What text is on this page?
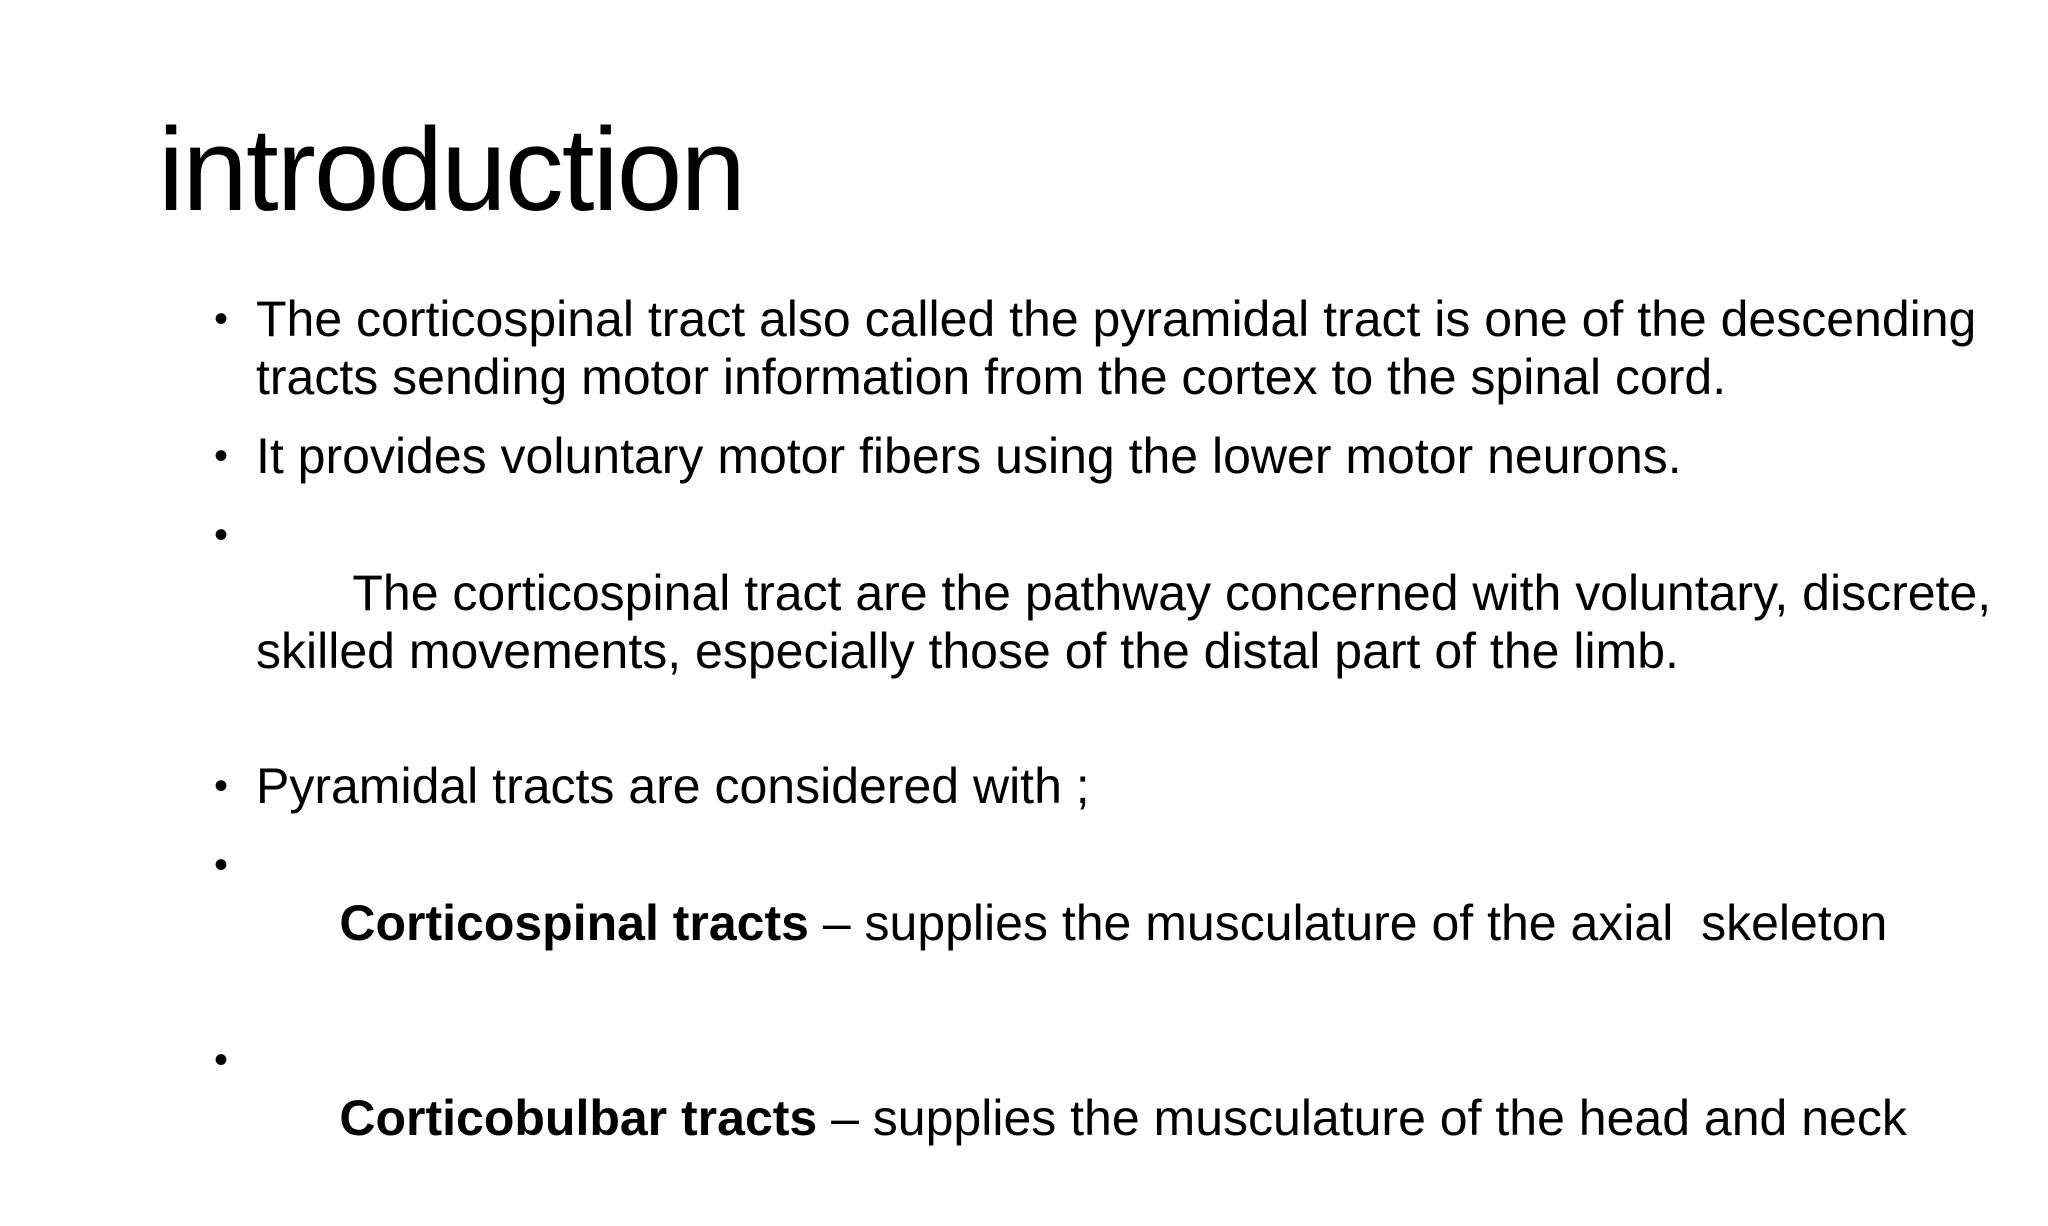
introduction
• The corticospinal tract also called the pyramidal tract is one of the descending tracts sending motor information from the cortex to the spinal cord.
• It provides voluntary motor fibers using the lower motor neurons.

•
The corticospinal tract are the pathway concerned with voluntary, discrete, skilled movements, especially those of the distal part of the limb.

• Pyramidal tracts are considered with ;

•
Corticospinal tracts – supplies the musculature of the axial  skeleton

•
Corticobulbar tracts – supplies the musculature of the head and neck
